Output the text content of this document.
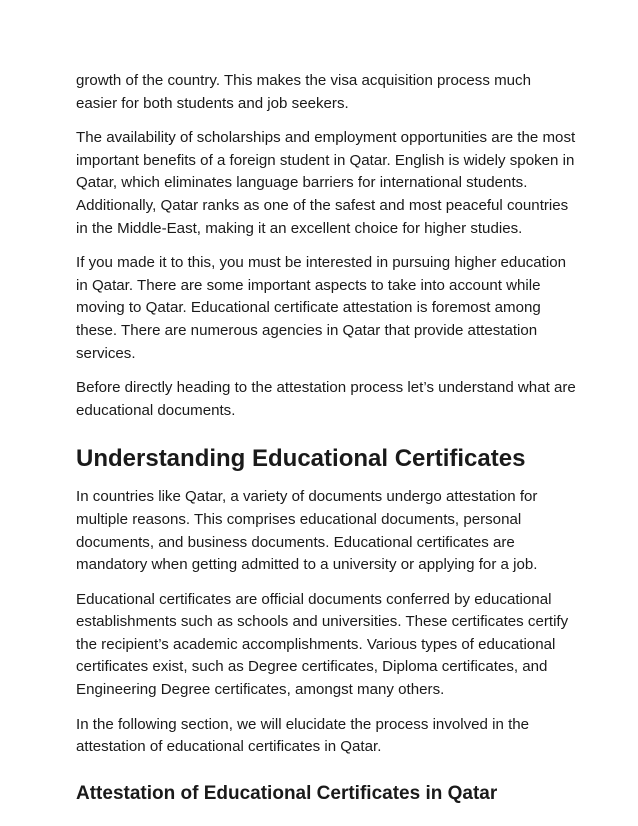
growth of the country. This makes the visa acquisition process much easier for both students and job seekers.

The availability of scholarships and employment opportunities are the most important benefits of a foreign student in Qatar. English is widely spoken in Qatar, which eliminates language barriers for international students. Additionally, Qatar ranks as one of the safest and most peaceful countries in the Middle-East, making it an excellent choice for higher studies.

If you made it to this, you must be interested in pursuing higher education in Qatar. There are some important aspects to take into account while moving to Qatar. Educational certificate attestation is foremost among these. There are numerous agencies in Qatar that provide attestation services.

Before directly heading to the attestation process let’s understand what are educational documents.

Understanding Educational Certificates

In countries like Qatar, a variety of documents undergo attestation for multiple reasons. This comprises educational documents, personal documents, and business documents. Educational certificates are mandatory when getting admitted to a university or applying for a job.

Educational certificates are official documents conferred by educational establishments such as schools and universities. These certificates certify the recipient’s academic accomplishments. Various types of educational certificates exist, such as Degree certificates, Diploma certificates, and Engineering Degree certificates, amongst many others.

In the following section, we will elucidate the process involved in the attestation of educational certificates in Qatar.

Attestation of Educational Certificates in Qatar
